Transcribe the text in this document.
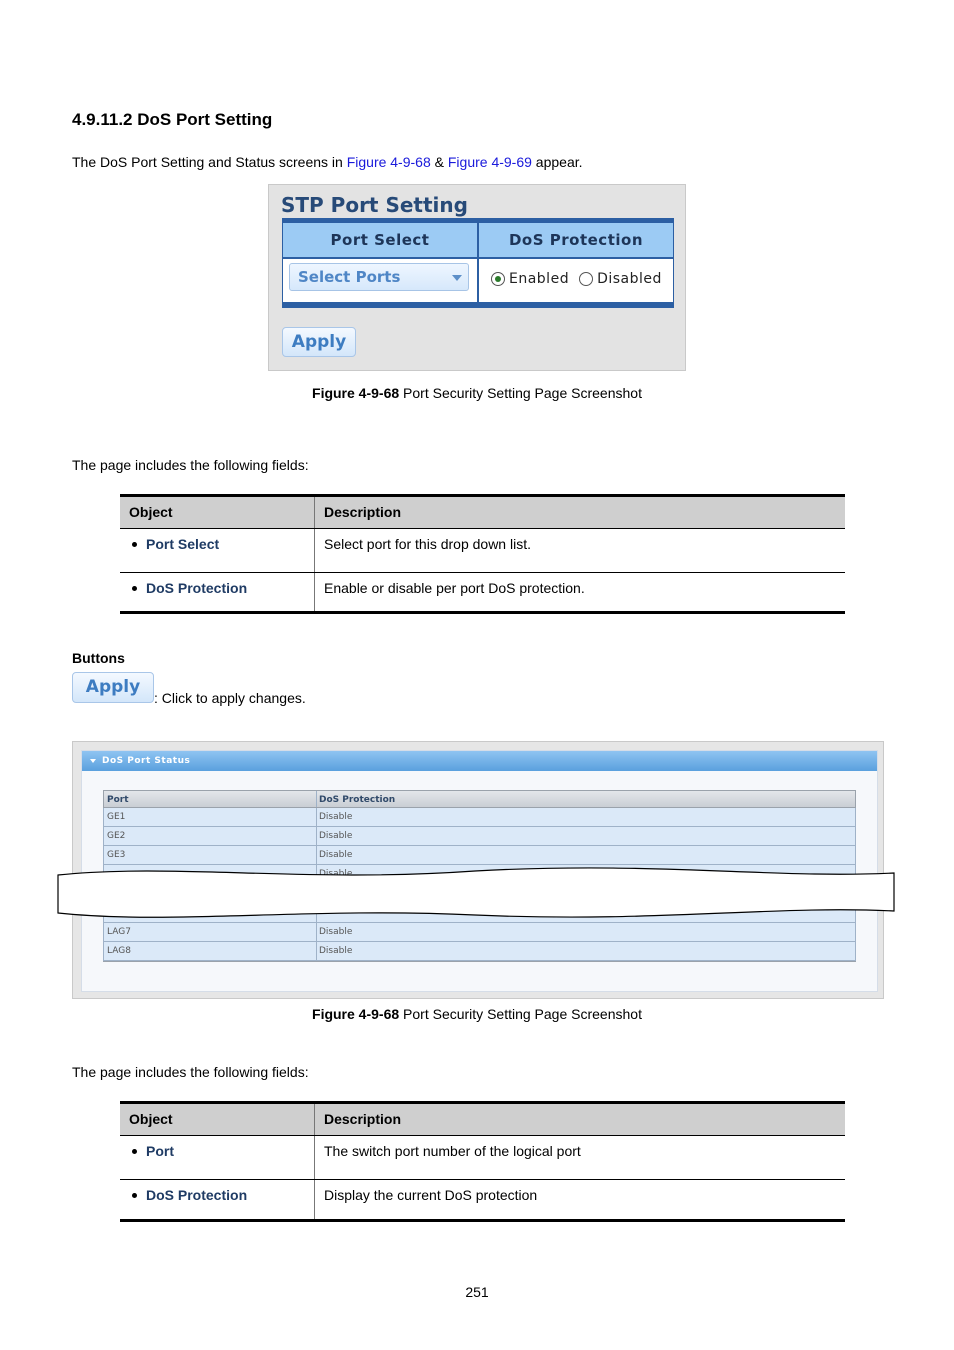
4.9.11.2 DoS Port Setting
The DoS Port Setting and Status screens in Figure 4-9-68 & Figure 4-9-69 appear.
STP Port Setting
Port Select	DoS Protection
Select Ports	Enabled Disabled
Apply
Figure 4-9-68 Port Security Setting Page Screenshot
The page includes the following fields:
Object	Description
Port Select	Select port for this drop down list.
DoS Protection	Enable or disable per port DoS protection.
Buttons
Apply
: Click to apply changes.
DoS Port Status
Port	DoS Protection
GE1	Disable
GE2	Disable
GE3	Disable
Disable
LAG7	Disable
LAG8	Disable
Figure 4-9-68 Port Security Setting Page Screenshot
The page includes the following fields:
Object	Description
Port	The switch port number of the logical port
DoS Protection	Display the current DoS protection
251
